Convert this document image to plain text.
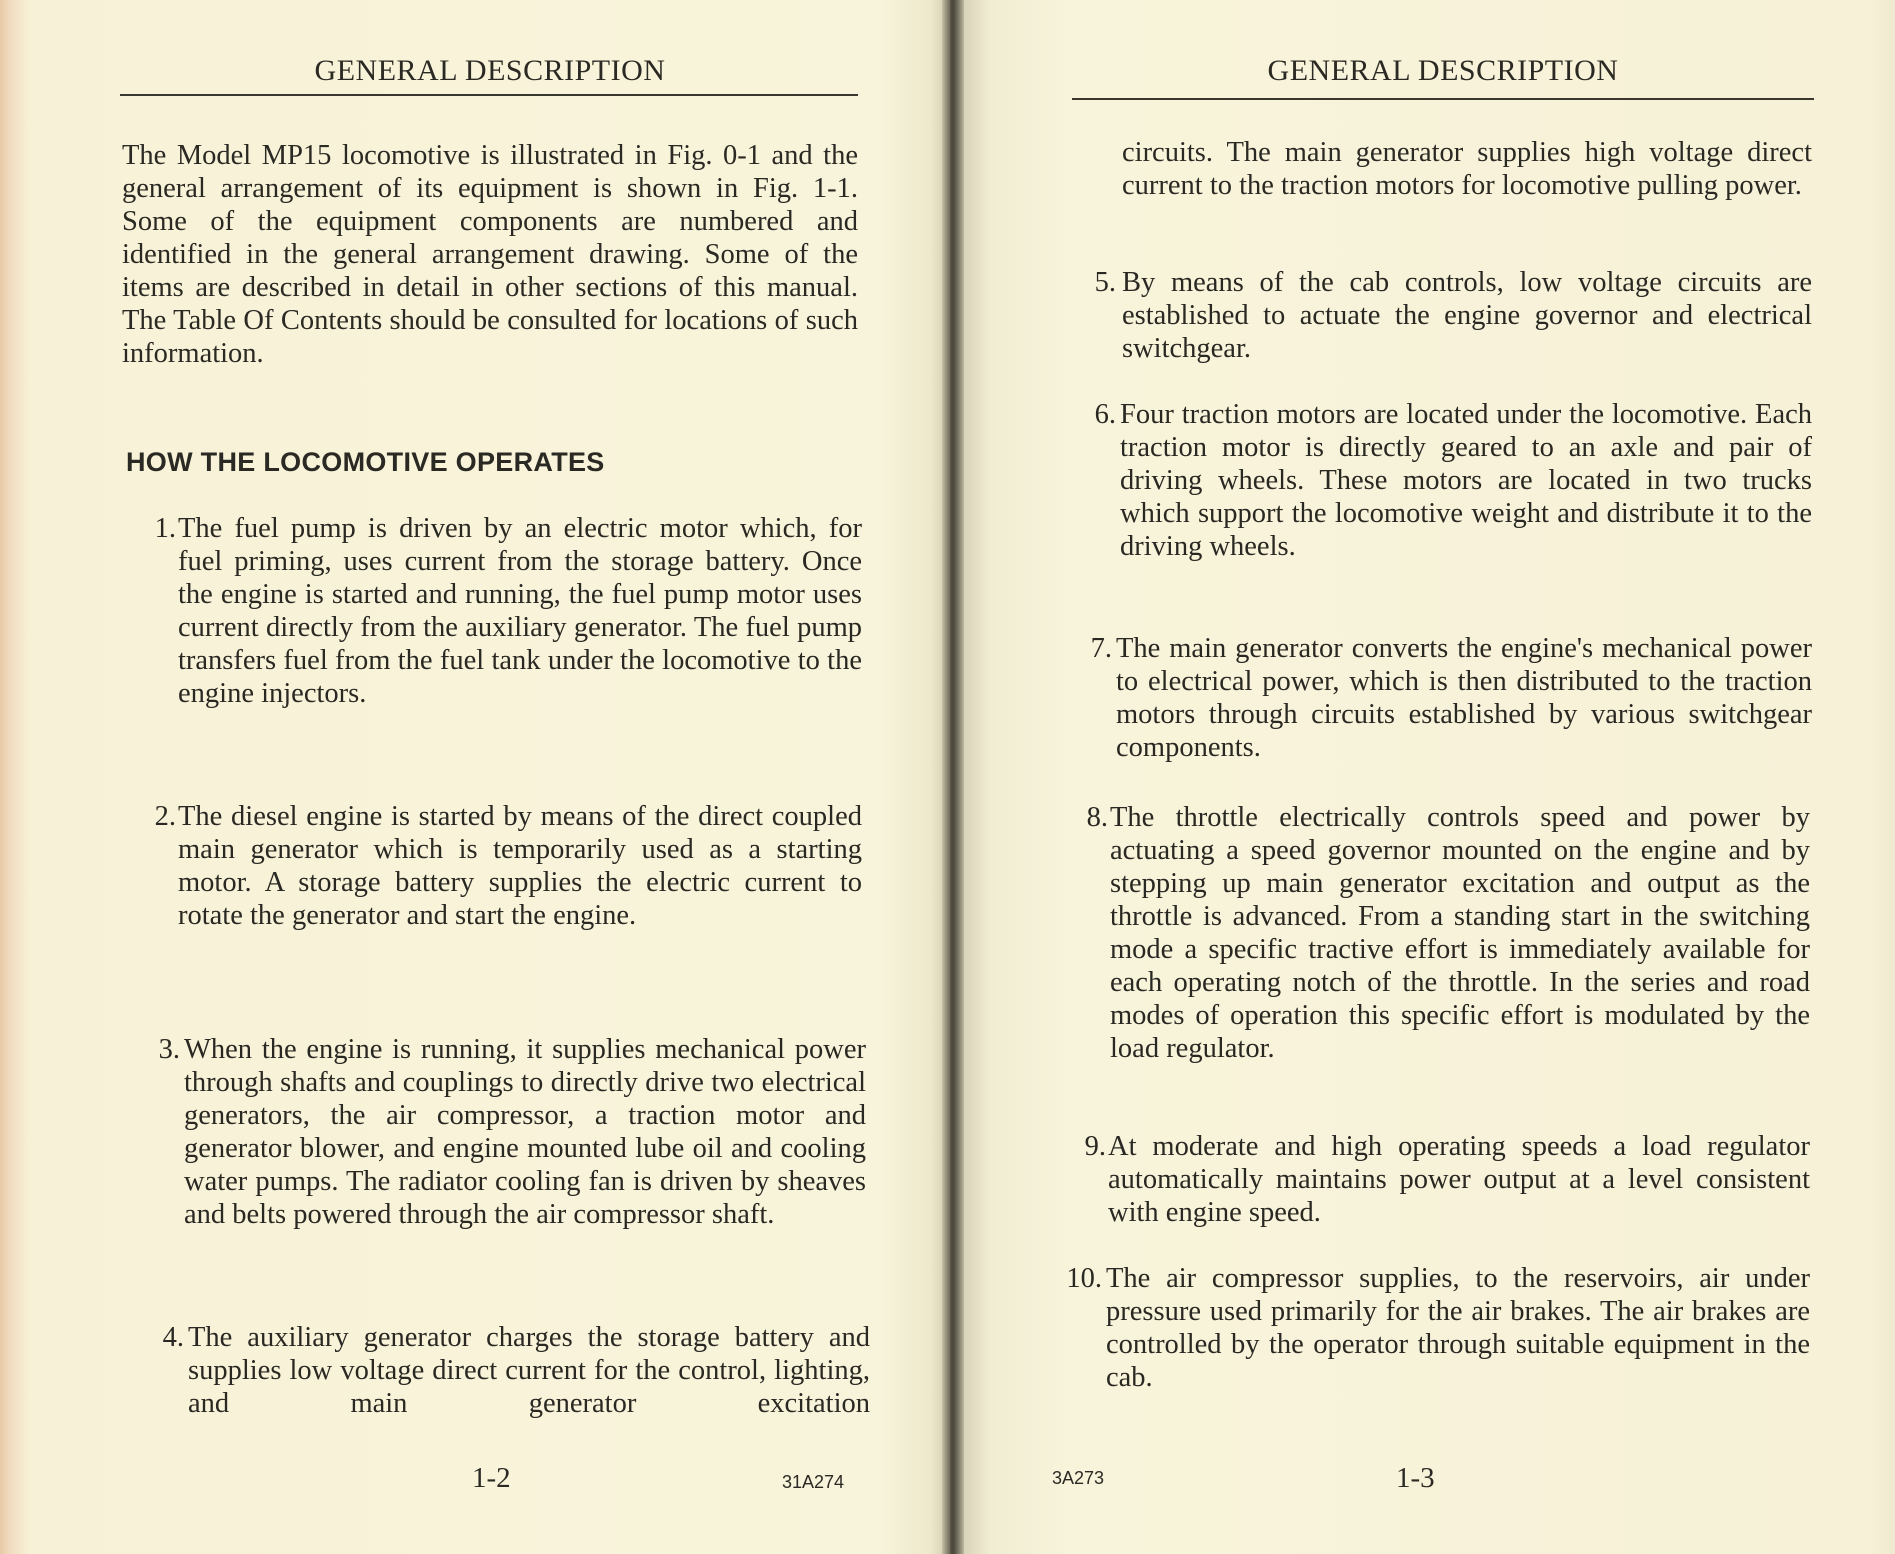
GENERAL DESCRIPTION

The Model MP15 locomotive is illustrated in Fig. 0-1 and the general arrangement of its equipment is shown in Fig. 1-1. Some of the equipment components are numbered and identified in the general arrangement drawing. Some of the items are described in detail in other sections of this manual. The Table Of Contents should be consulted for locations of such information.

HOW THE LOCOMOTIVE OPERATES
1. The fuel pump is driven by an electric motor which, for fuel priming, uses current from the storage battery. Once the engine is started and running, the fuel pump motor uses current directly from the auxiliary generator. The fuel pump transfers fuel from the fuel tank under the locomotive to the engine injectors.

2. The diesel engine is started by means of the direct coupled main generator which is temporarily used as a starting motor. A storage battery supplies the electric current to rotate the generator and start the engine.

3. When the engine is running, it supplies mechanical power through shafts and couplings to directly drive two electrical generators, the air compressor, a traction motor and generator blower, and engine mounted lube oil and cooling water pumps. The radiator cooling fan is driven by sheaves and belts powered through the air compressor shaft.

4. The auxiliary generator charges the storage battery and supplies low voltage direct current for the control, lighting, and main generator excitation

1-2	31A274
GENERAL DESCRIPTION

circuits. The main generator supplies high voltage direct current to the traction motors for locomotive pulling power.

5. By means of the cab controls, low voltage circuits are established to actuate the engine governor and electrical switchgear.

6. Four traction motors are located under the locomotive. Each traction motor is directly geared to an axle and pair of driving wheels. These motors are located in two trucks which support the locomotive weight and distribute it to the driving wheels.

7. The main generator converts the engine's mechanical power to electrical power, which is then distributed to the traction motors through circuits established by various switchgear components.

8. The throttle electrically controls speed and power by actuating a speed governor mounted on the engine and by stepping up main generator excitation and output as the throttle is advanced. From a standing start in the switching mode a specific tractive effort is immediately available for each operating notch of the throttle. In the series and road modes of operation this specific effort is modulated by the load regulator.

9. At moderate and high operating speeds a load regulator automatically maintains power output at a level consistent with engine speed.

10. The air compressor supplies, to the reservoirs, air under pressure used primarily for the air brakes. The air brakes are controlled by the operator through suitable equipment in the cab.

3A273	1-3
